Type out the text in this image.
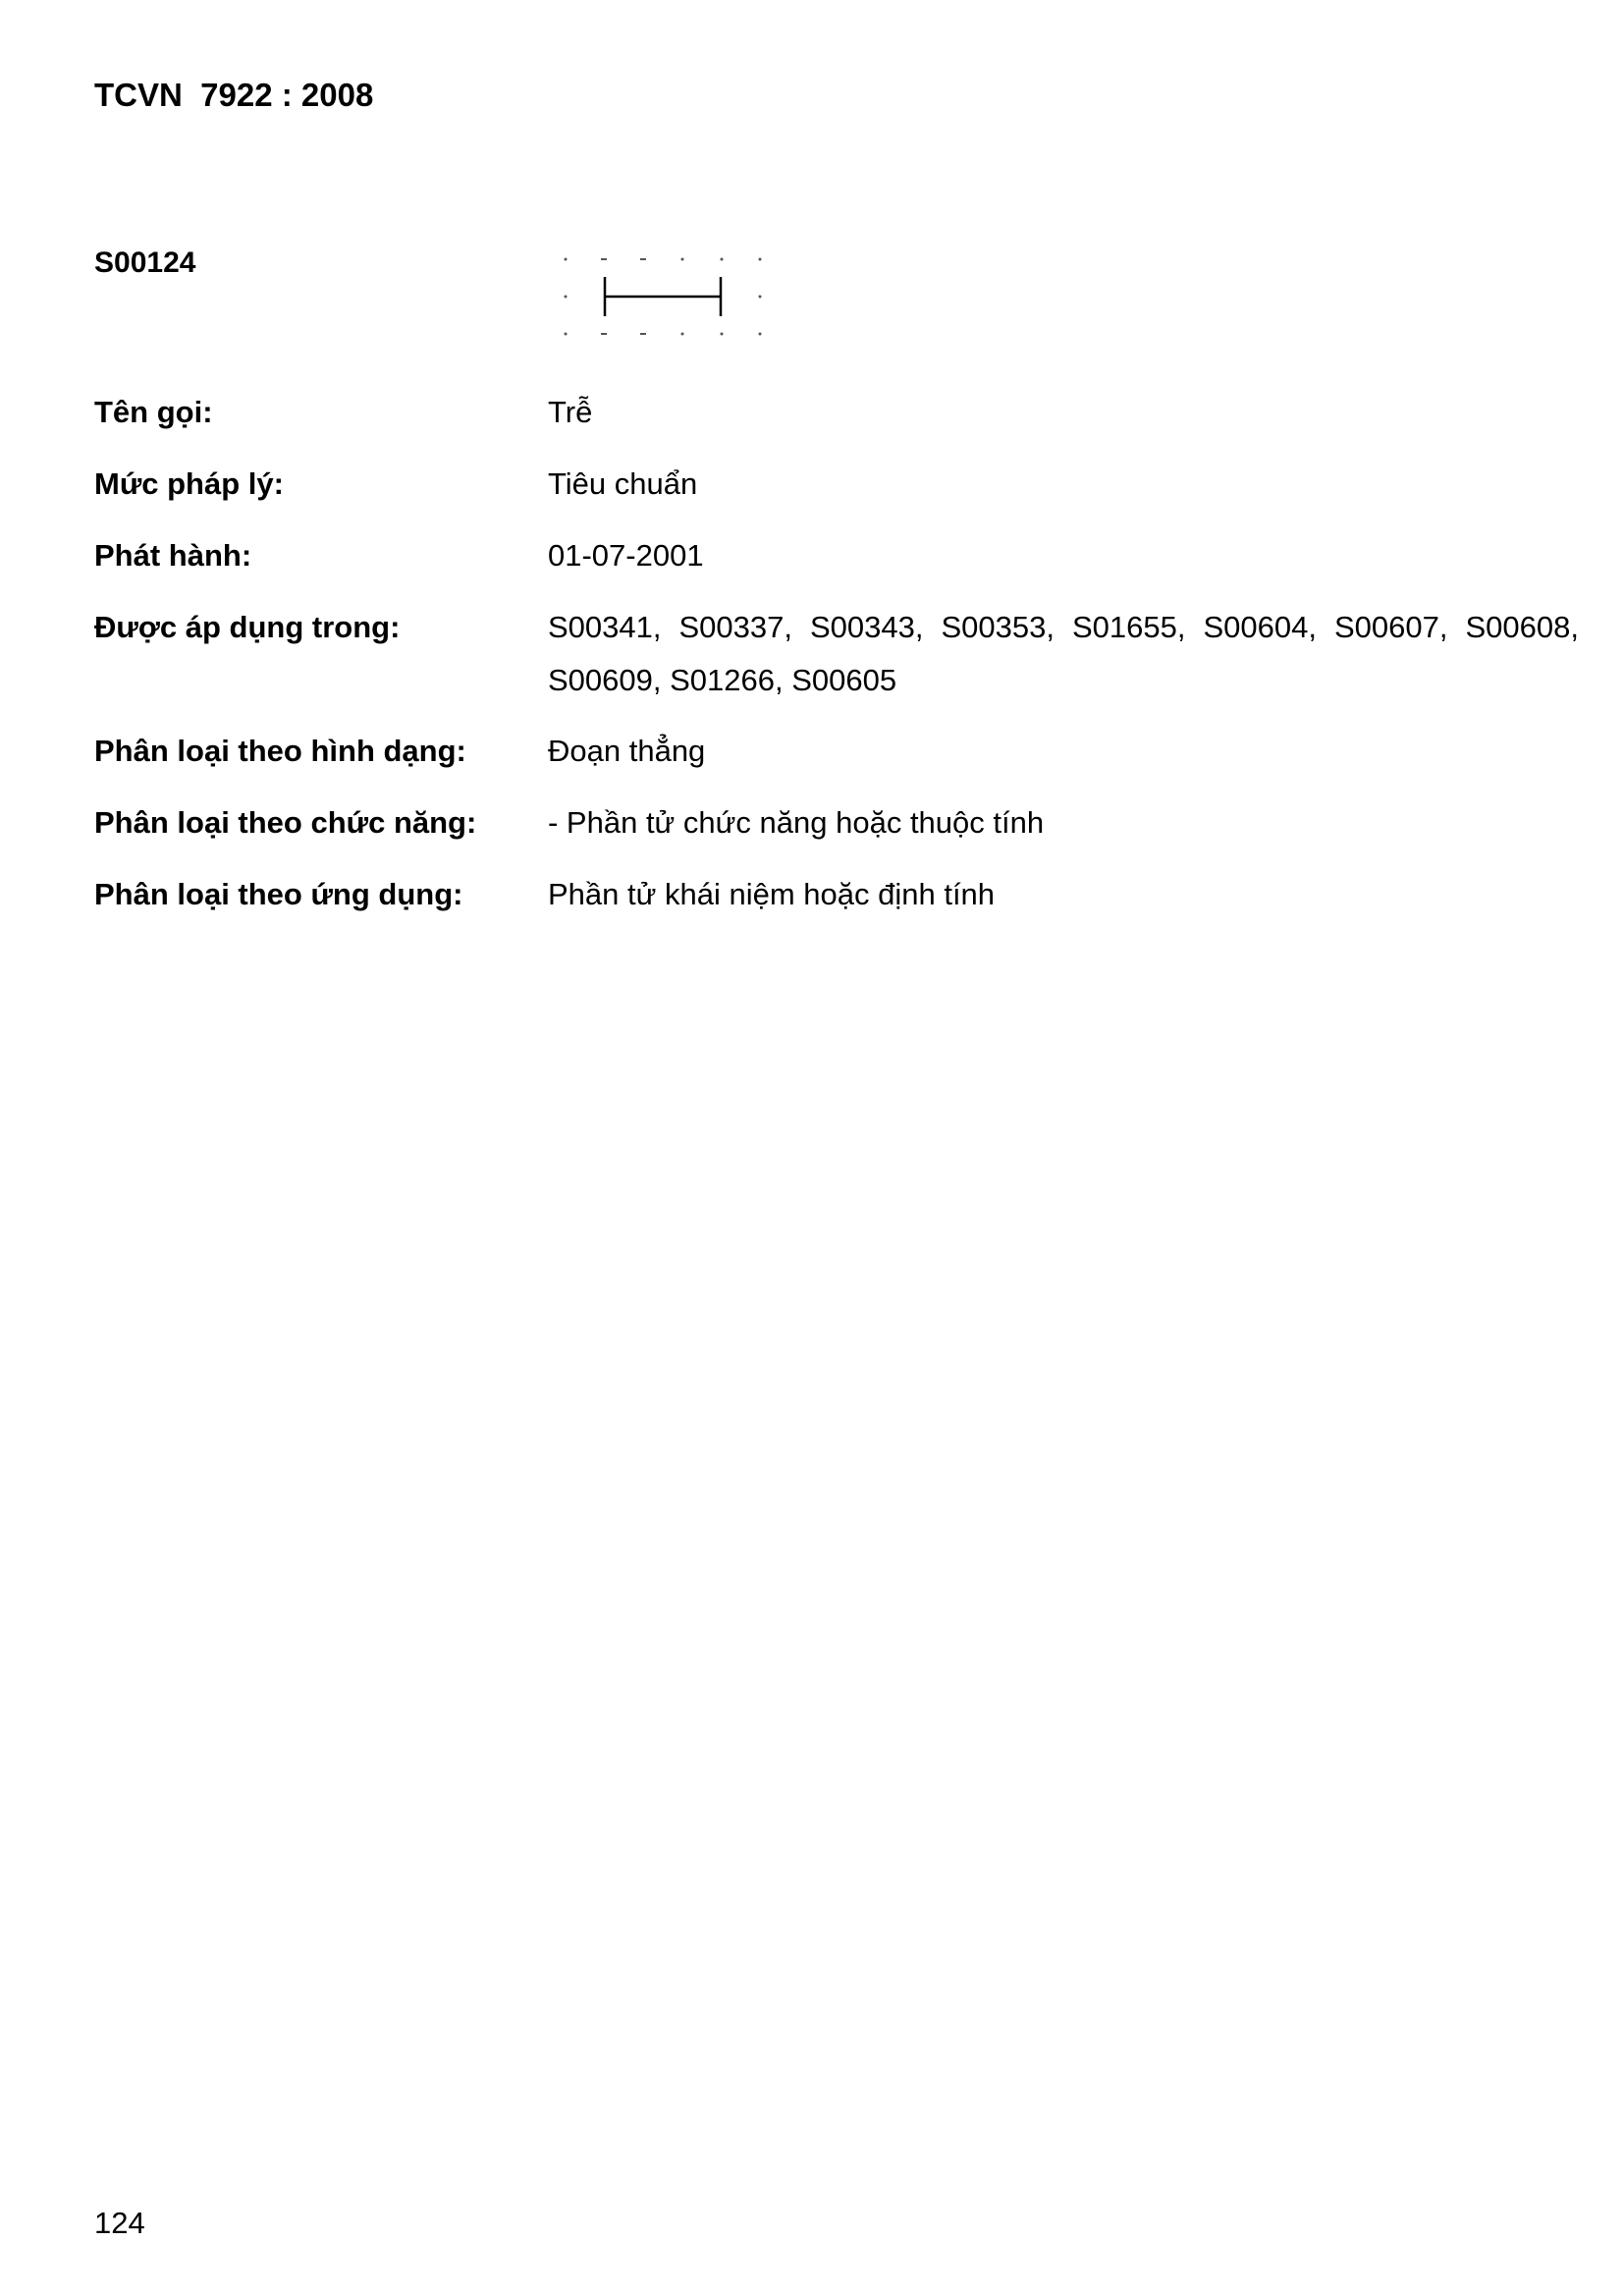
TCVN  7922 : 2008
S00124
Tên gọi:	Trễ
Mức pháp lý:	Tiêu chuẩn
Phát hành:	01-07-2001
Được áp dụng trong:	S00341, S00337, S00343, S00353, S01655, S00604, S00607, S00608, S00609, S01266, S00605
Phân loại theo hình dạng:	Đoạn thẳng
Phân loại theo chức năng: - Phần tử chức năng hoặc thuộc tính
Phân loại theo ứng dụng:	Phần tử khái niệm hoặc định tính
124
